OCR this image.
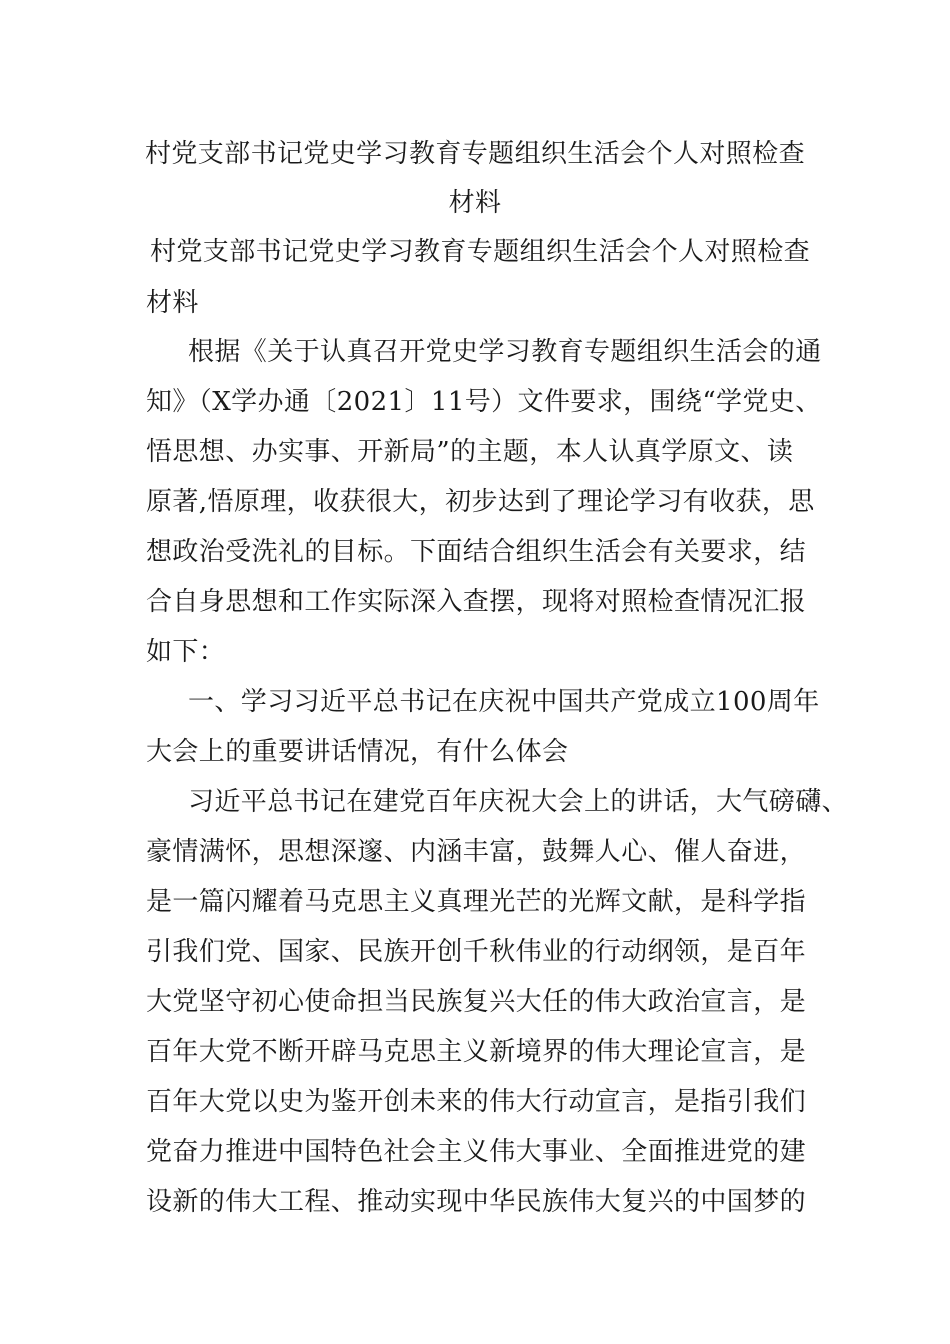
村党支部书记党史学习教育专题组织生活会个人对照检查
材料
村党支部书记党史学习教育专题组织生活会个人对照检查
材料
根据《关于认真召开党史学习教育专题组织生活会的通
知》（X学办通〔2021〕11号）文件要求，围绕“学党史、
悟思想、办实事、开新局”的主题，本人认真学原文、读
原著,悟原理，收获很大，初步达到了理论学习有收获，思
想政治受洗礼的目标。下面结合组织生活会有关要求，结
合自身思想和工作实际深入查摆，现将对照检查情况汇报
如下：
一、学习习近平总书记在庆祝中国共产党成立100周年
大会上的重要讲话情况，有什么体会
习近平总书记在建党百年庆祝大会上的讲话，大气磅礴、
豪情满怀，思想深邃、内涵丰富，鼓舞人心、催人奋进，
是一篇闪耀着马克思主义真理光芒的光辉文献，是科学指
引我们党、国家、民族开创千秋伟业的行动纲领，是百年
大党坚守初心使命担当民族复兴大任的伟大政治宣言，是
百年大党不断开辟马克思主义新境界的伟大理论宣言，是
百年大党以史为鉴开创未来的伟大行动宣言，是指引我们
党奋力推进中国特色社会主义伟大事业、全面推进党的建
设新的伟大工程、推动实现中华民族伟大复兴的中国梦的
